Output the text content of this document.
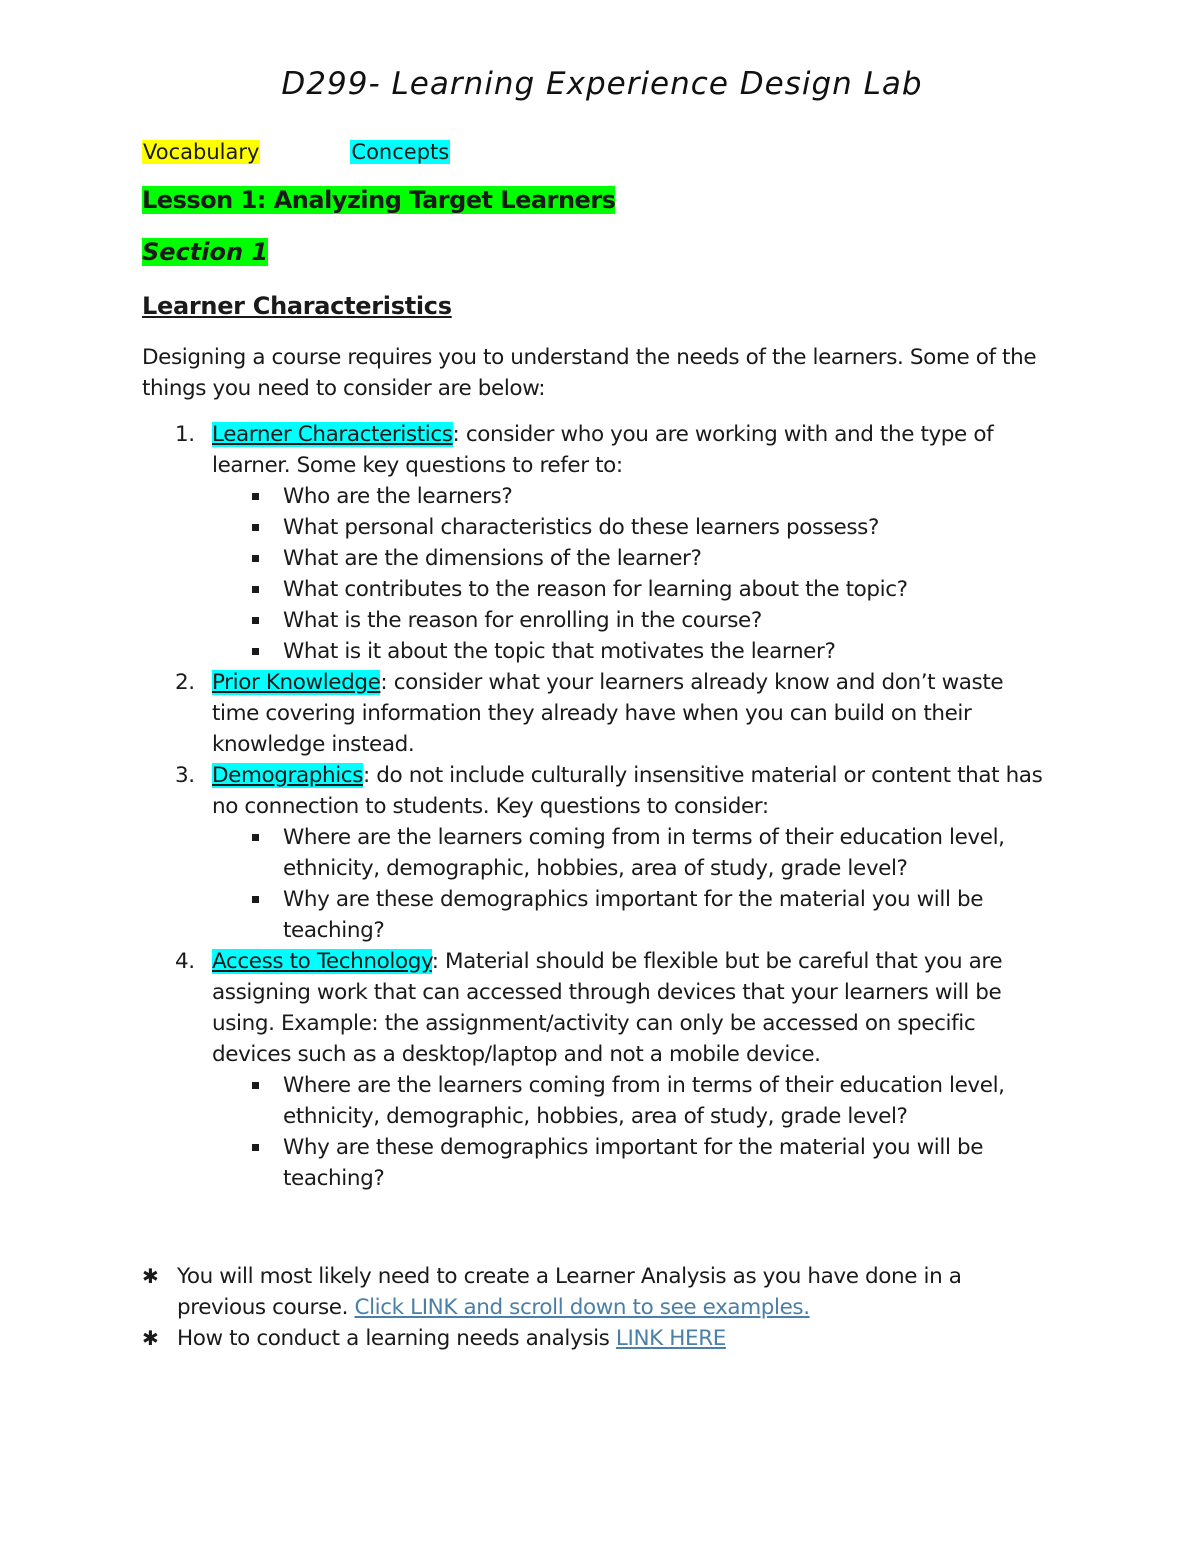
D299- Learning Experience Design Lab
Vocabulary	Concepts
Lesson 1: Analyzing Target Learners
Section 1
Learner Characteristics
Designing a course requires you to understand the needs of the learners. Some of the things you need to consider are below:
1. Learner Characteristics: consider who you are working with and the type of learner. Some key questions to refer to:
Who are the learners?
What personal characteristics do these learners possess?
What are the dimensions of the learner?
What contributes to the reason for learning about the topic?
What is the reason for enrolling in the course?
What is it about the topic that motivates the learner?
2. Prior Knowledge: consider what your learners already know and don’t waste time covering information they already have when you can build on their knowledge instead.
3. Demographics: do not include culturally insensitive material or content that has no connection to students. Key questions to consider:
Where are the learners coming from in terms of their education level, ethnicity, demographic, hobbies, area of study, grade level?
Why are these demographics important for the material you will be teaching?
4. Access to Technology: Material should be flexible but be careful that you are assigning work that can accessed through devices that your learners will be using. Example: the assignment/activity can only be accessed on specific devices such as a desktop/laptop and not a mobile device.
Where are the learners coming from in terms of their education level, ethnicity, demographic, hobbies, area of study, grade level?
Why are these demographics important for the material you will be teaching?
✱ You will most likely need to create a Learner Analysis as you have done in a previous course. Click LINK and scroll down to see examples.
✱ How to conduct a learning needs analysis LINK HERE
